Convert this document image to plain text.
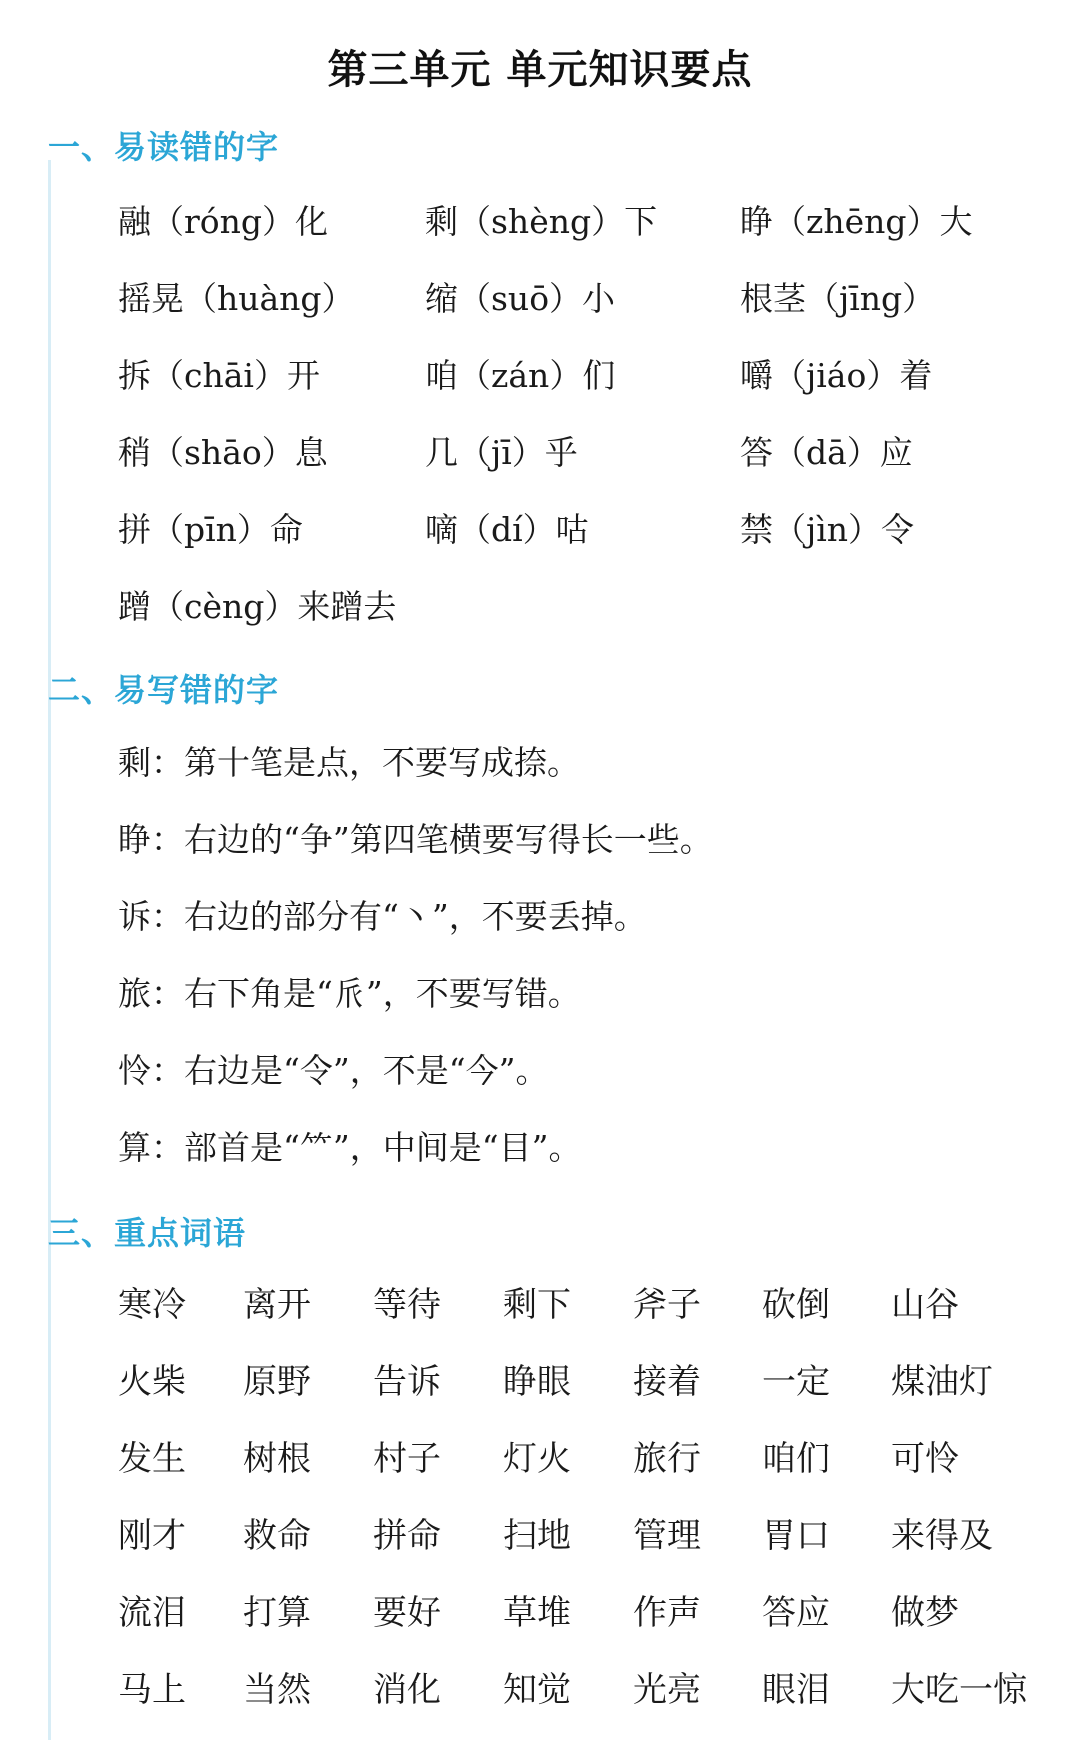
第三单元 单元知识要点
一、易读错的字
融（róng）化	剩（shèng）下	睁（zhēng）大
摇晃（huàng） 缩（suō）小	根茎（jīng）
拆（chāi）开	咱（zán）们	嚼（jiáo）着
稍（shāo）息	几（jī）乎	答（dā）应
拼（pīn）命	嘀（dí）咕	禁（jìn）令
蹭（cèng）来蹭去
二、易写错的字
剩：第十笔是点，不要写成捺。
睁：右边的“争”第四笔横要写得长一些。
诉：右边的部分有“丶”，不要丢掉。
旅：右下角是“𠂢”，不要写错。
怜：右边是“令”，不是“今”。
算：部首是“⺮”，中间是“目”。
三、重点词语
寒冷 离开 等待 剩下 斧子 砍倒 山谷
火柴 原野 告诉 睁眼 接着 一定 煤油灯
发生 树根 村子 灯火 旅行 咱们 可怜
刚才 救命 拼命 扫地 管理 胃口 来得及
流泪 打算 要好 草堆 作声 答应 做梦
马上 当然 消化 知觉 光亮 眼泪 大吃一惊
